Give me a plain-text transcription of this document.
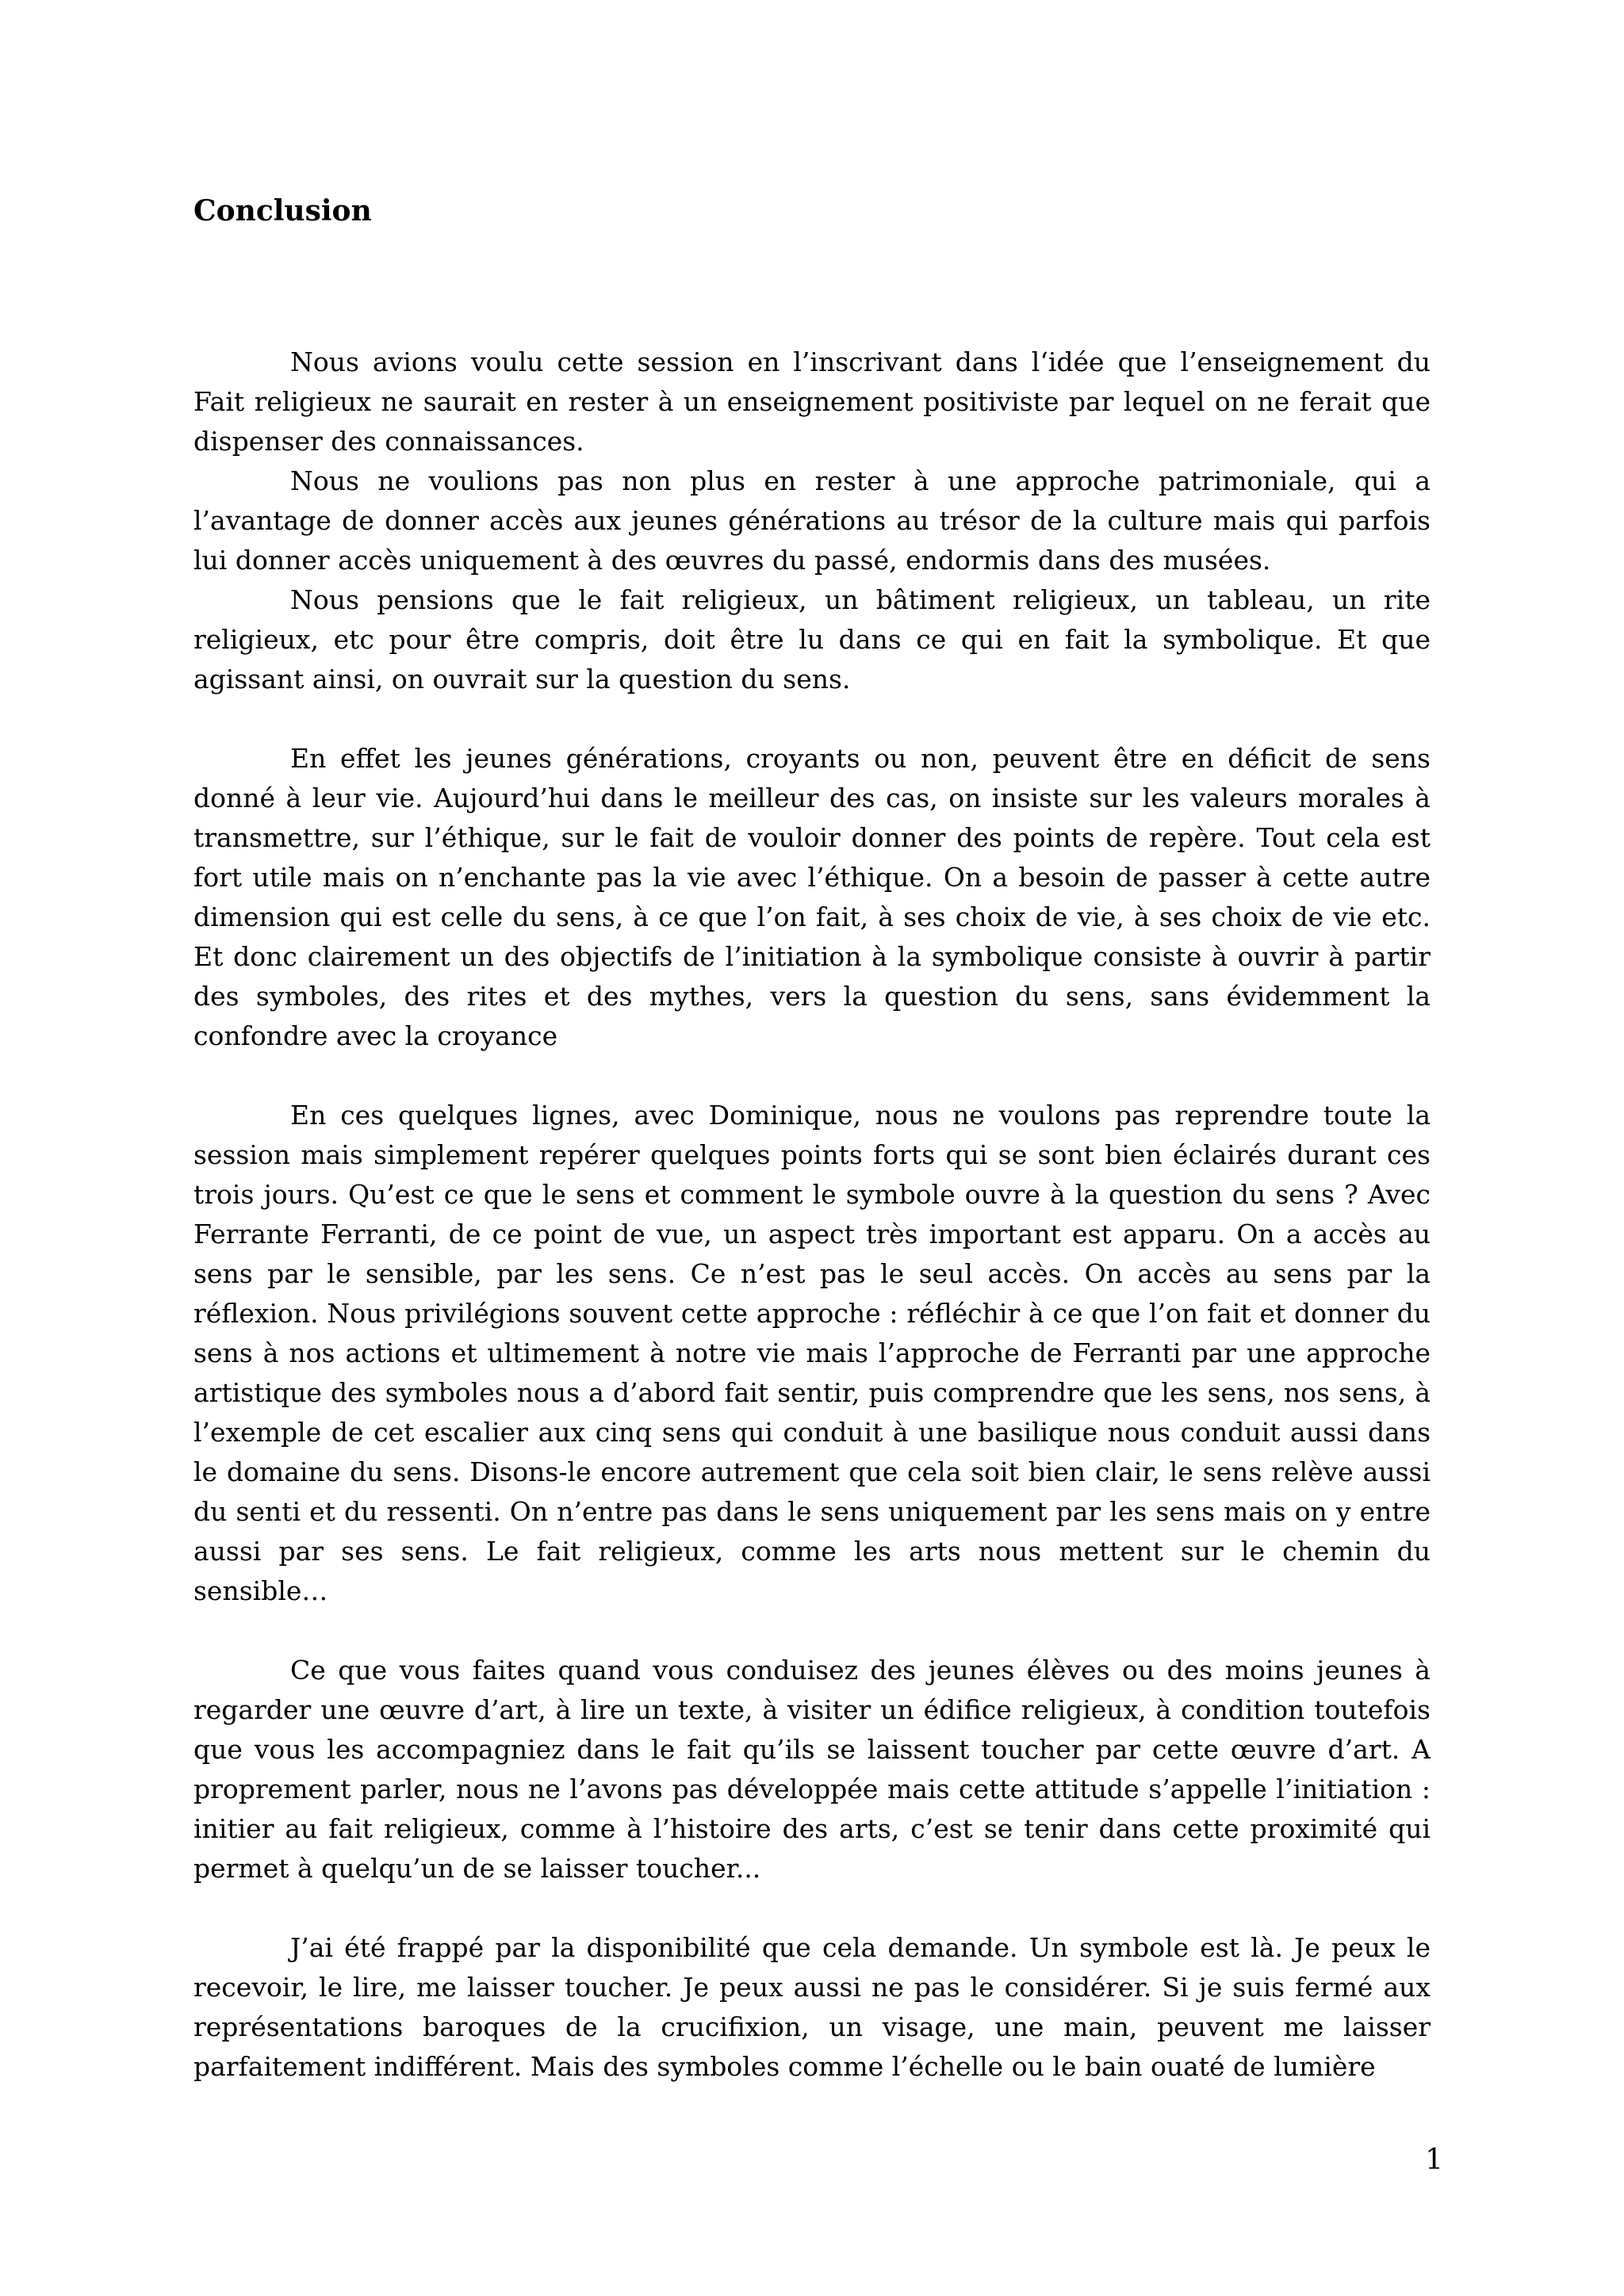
Conclusion

Nous avions voulu cette session en l’inscrivant dans l‘idée que l’enseignement du Fait religieux ne saurait en rester à un enseignement positiviste par lequel on ne ferait que dispenser des connaissances.

Nous ne voulions pas non plus en rester à une approche patrimoniale, qui a l’avantage de donner accès aux jeunes générations au trésor de la culture mais qui parfois lui donner accès uniquement à des œuvres du passé, endormis dans des musées.

Nous pensions que le fait religieux, un bâtiment religieux, un tableau, un rite religieux, etc pour être compris, doit être lu dans ce qui en fait la symbolique. Et que agissant ainsi, on ouvrait sur la question du sens.

En effet les jeunes générations, croyants ou non, peuvent être en déficit de sens donné à leur vie. Aujourd’hui dans le meilleur des cas, on insiste sur les valeurs morales à transmettre, sur l’éthique, sur le fait de vouloir donner des points de repère. Tout cela est fort utile mais on n’enchante pas la vie avec l’éthique. On a besoin de passer à cette autre dimension qui est celle du sens, à ce que l’on fait, à ses choix de vie, à ses choix de vie etc. Et donc clairement un des objectifs de l’initiation à la symbolique consiste à ouvrir à partir des symboles, des rites et des mythes, vers la question du sens, sans évidemment la confondre avec la croyance

En ces quelques lignes, avec Dominique, nous ne voulons pas reprendre toute la session mais simplement repérer quelques points forts qui se sont bien éclairés durant ces trois jours. Qu’est ce que le sens et comment le symbole ouvre à la question du sens ? Avec Ferrante Ferranti, de ce point de vue, un aspect très important est apparu. On a accès au sens par le sensible, par les sens. Ce n’est pas le seul accès. On accès au sens par la réflexion. Nous privilégions souvent cette approche : réfléchir à ce que l’on fait et donner du sens à nos actions et ultimement à notre vie mais l’approche de Ferranti par une approche artistique des symboles nous a d’abord fait sentir, puis comprendre que les sens, nos sens, à l’exemple de cet escalier aux cinq sens qui conduit à une basilique nous conduit aussi dans le domaine du sens. Disons-le encore autrement que cela soit bien clair, le sens relève aussi du senti et du ressenti. On n’entre pas dans le sens uniquement par les sens mais on y entre aussi par ses sens. Le fait religieux, comme les arts nous mettent sur le chemin du sensible…

Ce que vous faites quand vous conduisez des jeunes élèves ou des moins jeunes à regarder une œuvre d’art, à lire un texte, à visiter un édifice religieux, à condition toutefois que vous les accompagniez dans le fait qu’ils se laissent toucher par cette œuvre d’art. A proprement parler, nous ne l’avons pas développée mais cette attitude s’appelle l’initiation : initier au fait religieux, comme à l’histoire des arts, c’est se tenir dans cette proximité qui permet à quelqu’un de se laisser toucher...

J’ai été frappé par la disponibilité que cela demande. Un symbole est là. Je peux le recevoir, le lire, me laisser toucher. Je peux aussi ne pas le considérer. Si je suis fermé aux représentations baroques de la crucifixion, un visage, une main, peuvent me laisser parfaitement indifférent. Mais des symboles comme l’échelle ou le bain ouaté de lumière

1
